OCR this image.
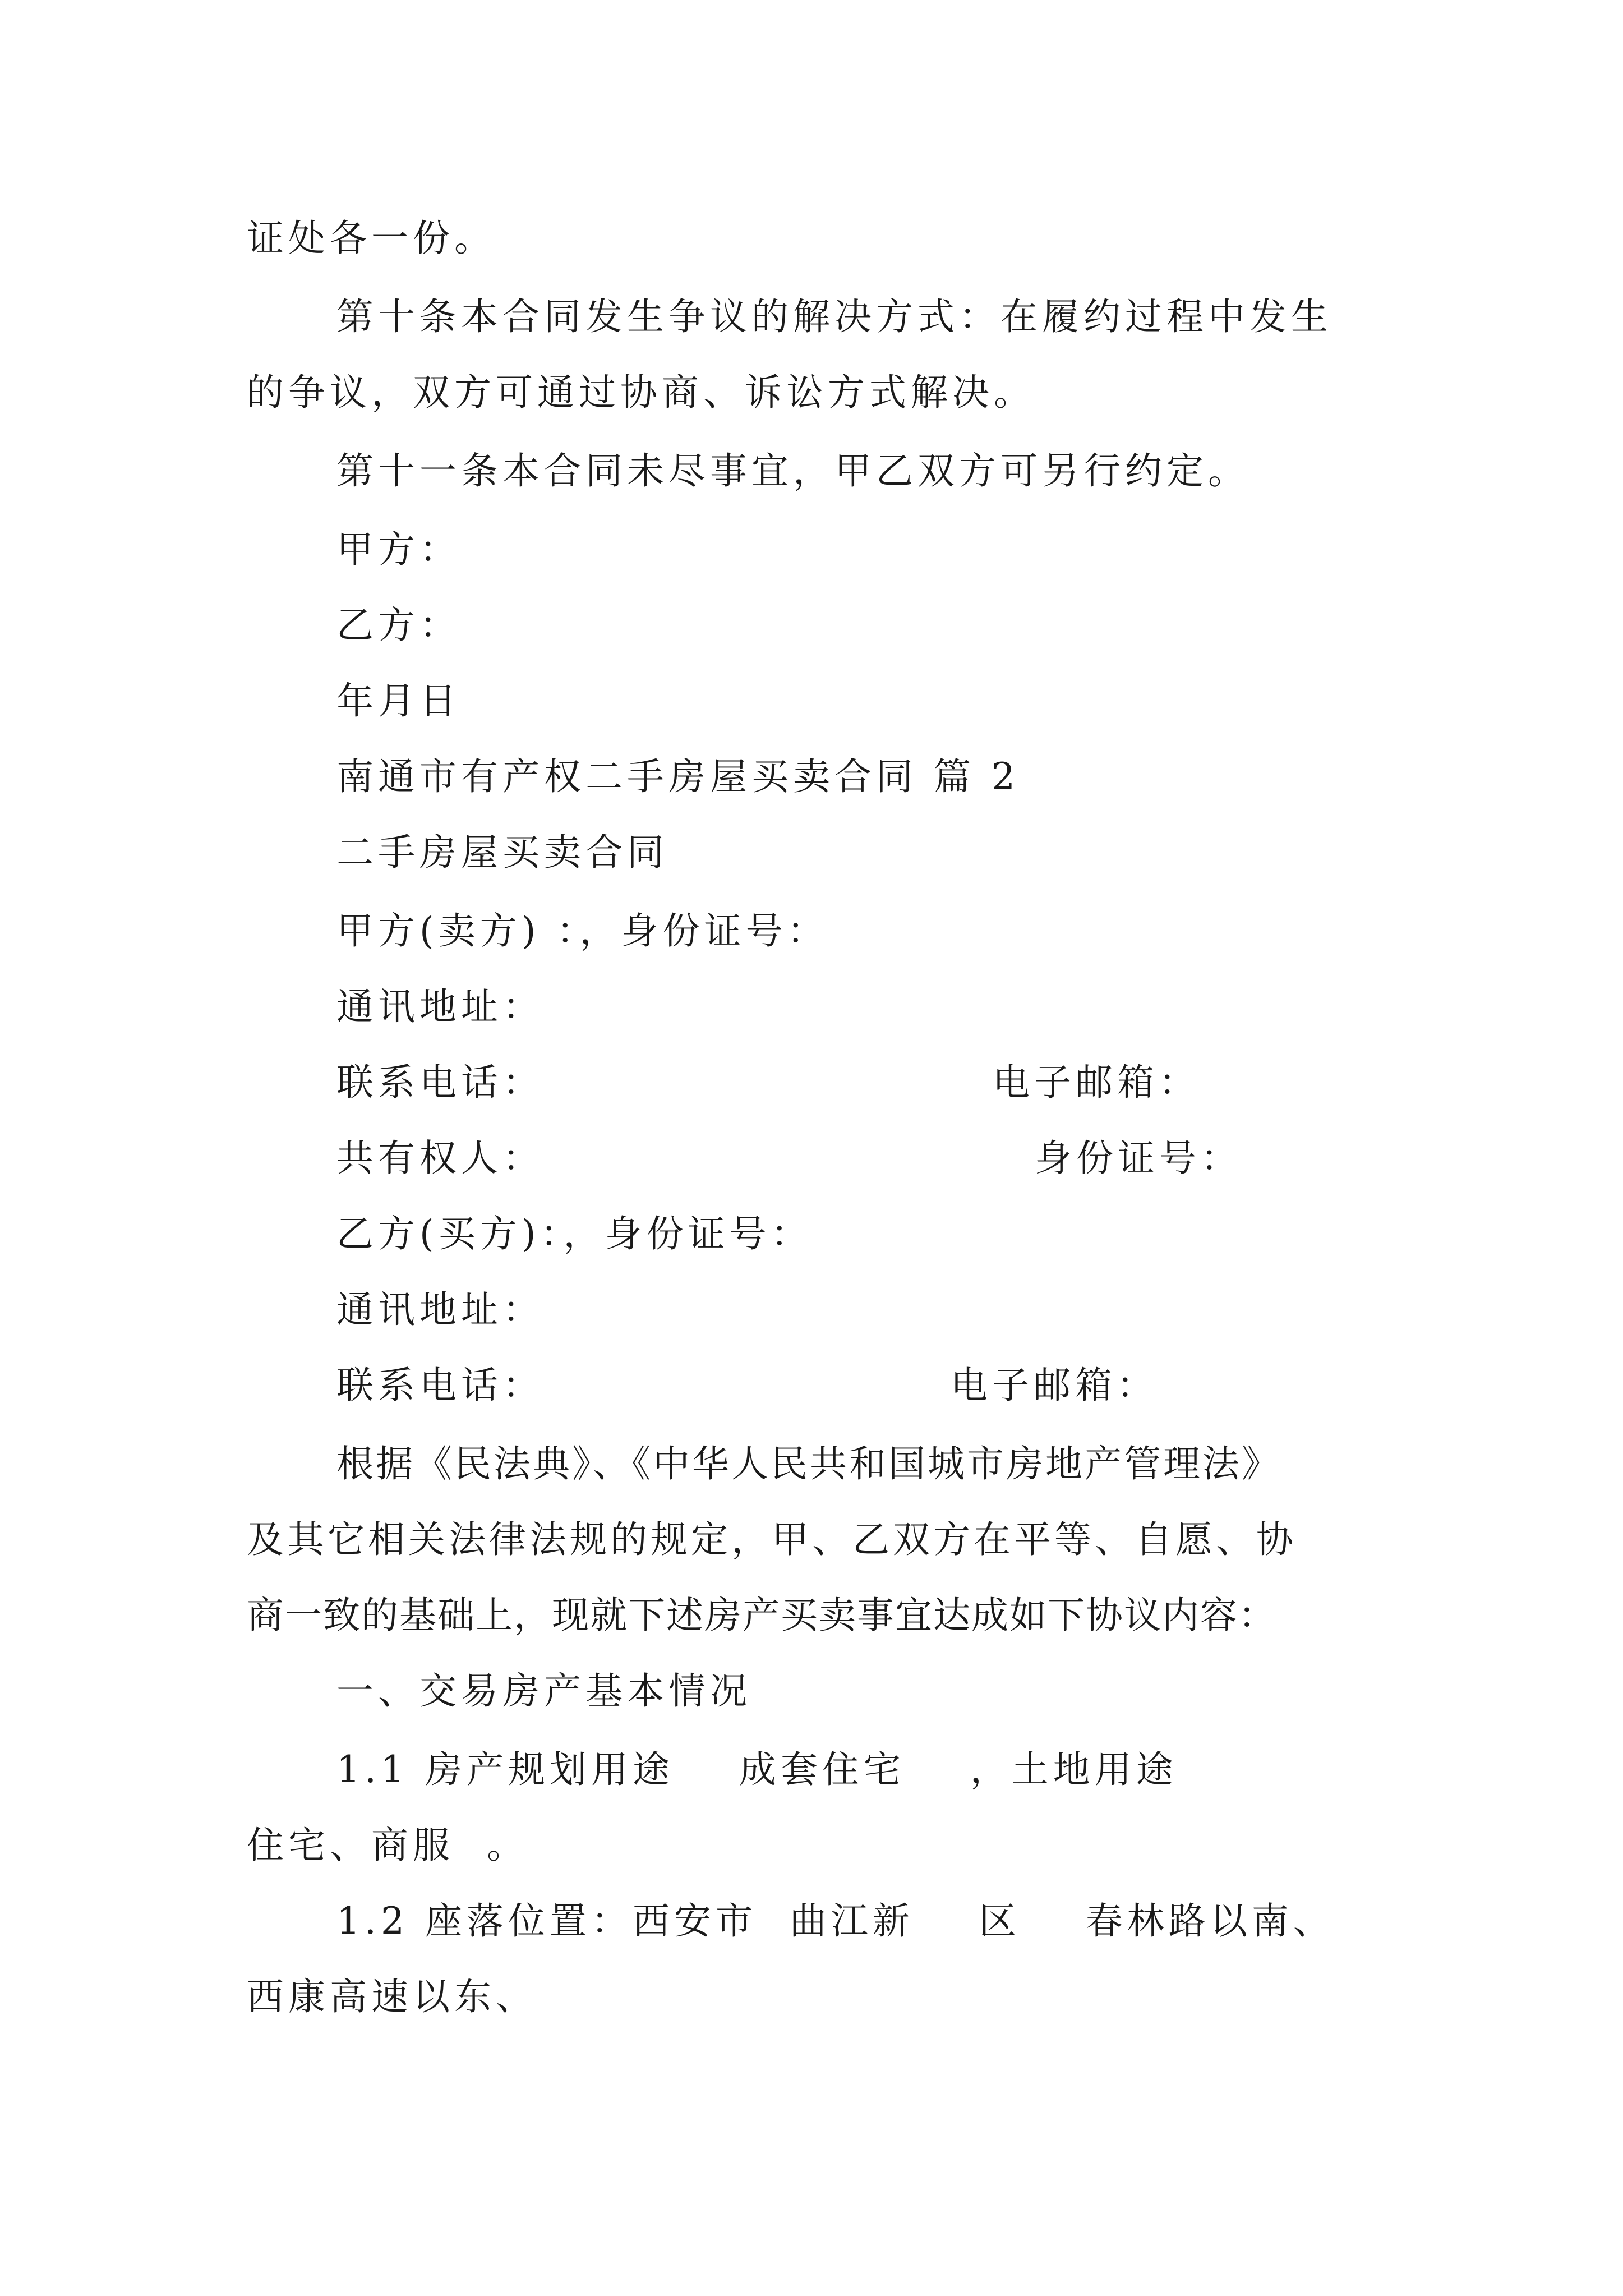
证处各一份。
第十条本合同发生争议的解决方式：在履约过程中发生
的争议，双方可通过协商、诉讼方式解决。
第十一条本合同未尽事宜，甲乙双方可另行约定。
甲方：
乙方：
年月日
南通市有产权二手房屋买卖合同 篇 2
二手房屋买卖合同
甲方(卖方) ：，身份证号：
通讯地址：
联系电话：	电子邮箱：
共有权人：	身份证号：
乙方(买方)：，身份证号：
通讯地址：
联系电话：	电子邮箱：
根据《民法典》、《中华人民共和国城市房地产管理法》
及其它相关法律法规的规定，甲、乙双方在平等、自愿、协
商一致的基础上，现就下述房产买卖事宜达成如下协议内容：
一、交易房产基本情况
1.1 房产规划用途    成套住宅    ，土地用途
住宅、商服  。
1.2 座落位置：西安市  曲江新    区    春林路以南、
西康高速以东、
